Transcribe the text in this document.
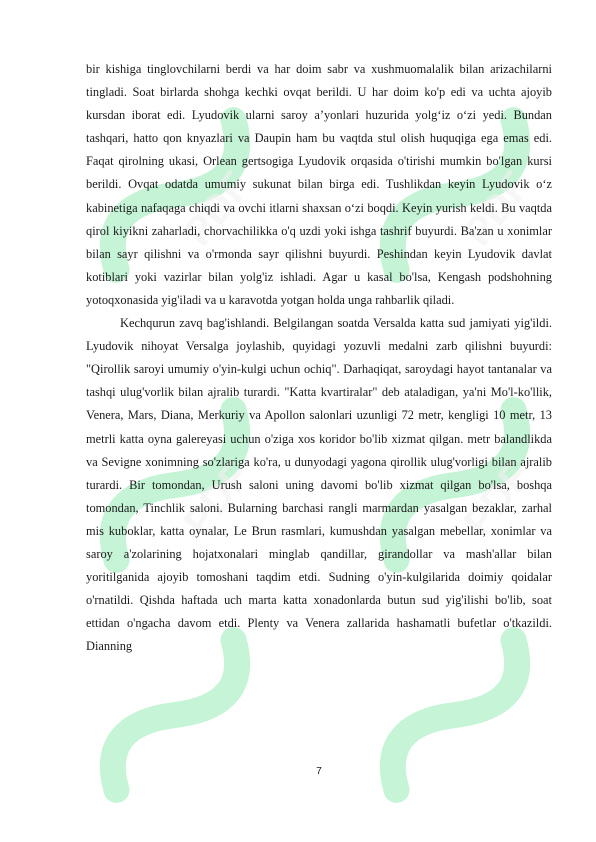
PDF	PDF
PDF	PDF

bir kishiga tinglovchilarni berdi va har doim sabr va xushmuomalalik bilan arizachilarni tingladi. Soat birlarda shohga kechki ovqat berildi. U har doim ko'p edi va uchta ajoyib kursdan iborat edi. Lyudovik ularni saroy a’yonlari huzurida yolg‘iz o‘zi yedi. Bundan tashqari, hatto qon knyazlari va Daupin ham bu vaqtda stul olish huquqiga ega emas edi. Faqat qirolning ukasi, Orlean gertsogiga Lyudovik orqasida o'tirishi mumkin bo'lgan kursi berildi. Ovqat odatda umumiy sukunat bilan birga edi. Tushlikdan keyin Lyudovik o‘z kabinetiga nafaqaga chiqdi va ovchi itlarni shaxsan o‘zi boqdi. Keyin yurish keldi. Bu vaqtda qirol kiyikni zaharladi, chorvachilikka o'q uzdi yoki ishga tashrif buyurdi. Ba'zan u xonimlar bilan sayr qilishni va o'rmonda sayr qilishni buyurdi. Peshindan keyin Lyudovik davlat kotiblari yoki vazirlar bilan yolg'iz ishladi. Agar u kasal bo'lsa, Kengash podshohning yotoqxonasida yig'iladi va u karavotda yotgan holda unga rahbarlik qiladi.

Kechqurun zavq bag'ishlandi. Belgilangan soatda Versalda katta sud jamiyati yig'ildi. Lyudovik nihoyat Versalga joylashib, quyidagi yozuvli medalni zarb qilishni buyurdi: "Qirollik saroyi umumiy o'yin-kulgi uchun ochiq". Darhaqiqat, saroydagi hayot tantanalar va tashqi ulug'vorlik bilan ajralib turardi. "Katta kvartiralar" deb ataladigan, ya'ni Mo'l-ko'llik, Venera, Mars, Diana, Merkuriy va Apollon salonlari uzunligi 72 metr, kengligi 10 metr, 13 metrli katta oyna galereyasi uchun o'ziga xos koridor bo'lib xizmat qilgan. metr balandlikda va Sevigne xonimning so'zlariga ko'ra, u dunyodagi yagona qirollik ulug'vorligi bilan ajralib turardi. Bir tomondan, Urush saloni uning davomi bo'lib xizmat qilgan bo'lsa, boshqa tomondan, Tinchlik saloni. Bularning barchasi rangli marmardan yasalgan bezaklar, zarhal mis kuboklar, katta oynalar, Le Brun rasmlari, kumushdan yasalgan mebellar, xonimlar va saroy a'zolarining hojatxonalari minglab qandillar, girandollar va mash'allar bilan yoritilganida ajoyib tomoshani taqdim etdi. Sudning o'yin-kulgilarida doimiy qoidalar o'rnatildi. Qishda haftada uch marta katta xonadonlarda butun sud yig'ilishi bo'lib, soat ettidan o'ngacha davom etdi. Plenty va Venera zallarida hashamatli bufetlar o'tkazildi. Dianning

7
